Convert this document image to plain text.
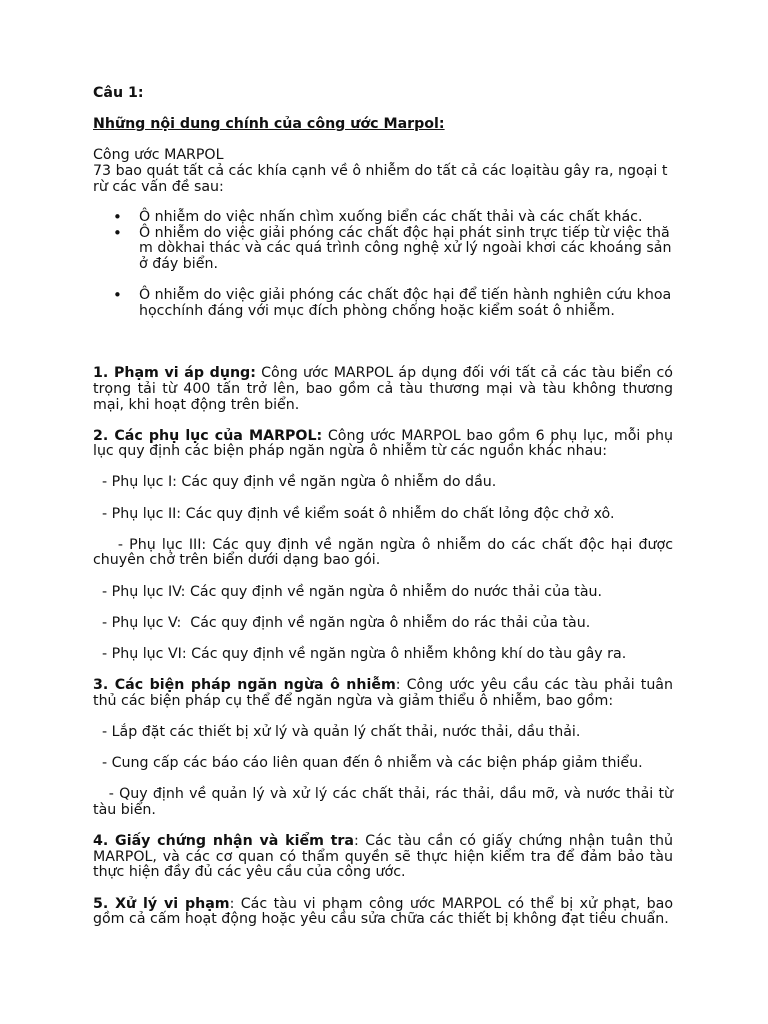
Câu 1:

Những nội dung chính của công ước Marpol:

Công ước MARPOL

73 bao quát tất cả các khía cạnh về ô nhiễm do tất cả các loạitàu gây ra, ngoại trừ các vấn đề sau:

• Ô nhiễm do việc nhấn chìm xuống biển các chất thải và các chất khác.
• Ô nhiễm do việc giải phóng các chất độc hại phát sinh trực tiếp từ việc thăm dòkhai thác và các quá trình công nghệ xử lý ngoài khơi các khoáng sản ở đáy biển.
• Ô nhiễm do việc giải phóng các chất độc hại để tiến hành nghiên cứu khoa họcchính đáng với mục đích phòng chống hoặc kiểm soát ô nhiễm.

1. Phạm vi áp dụng: Công ước MARPOL áp dụng đối với tất cả các tàu biển có trọng tải từ 400 tấn trở lên, bao gồm cả tàu thương mại và tàu không thương mại, khi hoạt động trên biển.

2. Các phụ lục của MARPOL: Công ước MARPOL bao gồm 6 phụ lục, mỗi phụ lục quy định các biện pháp ngăn ngừa ô nhiễm từ các nguồn khác nhau:

- Phụ lục I: Các quy định về ngăn ngừa ô nhiễm do dầu.

- Phụ lục II: Các quy định về kiểm soát ô nhiễm do chất lỏng độc chở xô.

- Phụ lục III: Các quy định về ngăn ngừa ô nhiễm do các chất độc hại được chuyên chở trên biển dưới dạng bao gói.

- Phụ lục IV: Các quy định về ngăn ngừa ô nhiễm do nước thải của tàu.

- Phụ lục V:  Các quy định về ngăn ngừa ô nhiễm do rác thải của tàu.

- Phụ lục VI: Các quy định về ngăn ngừa ô nhiễm không khí do tàu gây ra.

3. Các biện pháp ngăn ngừa ô nhiễm: Công ước yêu cầu các tàu phải tuân thủ các biện pháp cụ thể để ngăn ngừa và giảm thiểu ô nhiễm, bao gồm:

- Lắp đặt các thiết bị xử lý và quản lý chất thải, nước thải, dầu thải.

- Cung cấp các báo cáo liên quan đến ô nhiễm và các biện pháp giảm thiểu.

- Quy định về quản lý và xử lý các chất thải, rác thải, dầu mỡ, và nước thải từ tàu biển.

4. Giấy chứng nhận và kiểm tra: Các tàu cần có giấy chứng nhận tuân thủ MARPOL, và các cơ quan có thẩm quyền sẽ thực hiện kiểm tra để đảm bảo tàu thực hiện đầy đủ các yêu cầu của công ước.

5. Xử lý vi phạm: Các tàu vi phạm công ước MARPOL có thể bị xử phạt, bao gồm cả cấm hoạt động hoặc yêu cầu sửa chữa các thiết bị không đạt tiêu chuẩn.
